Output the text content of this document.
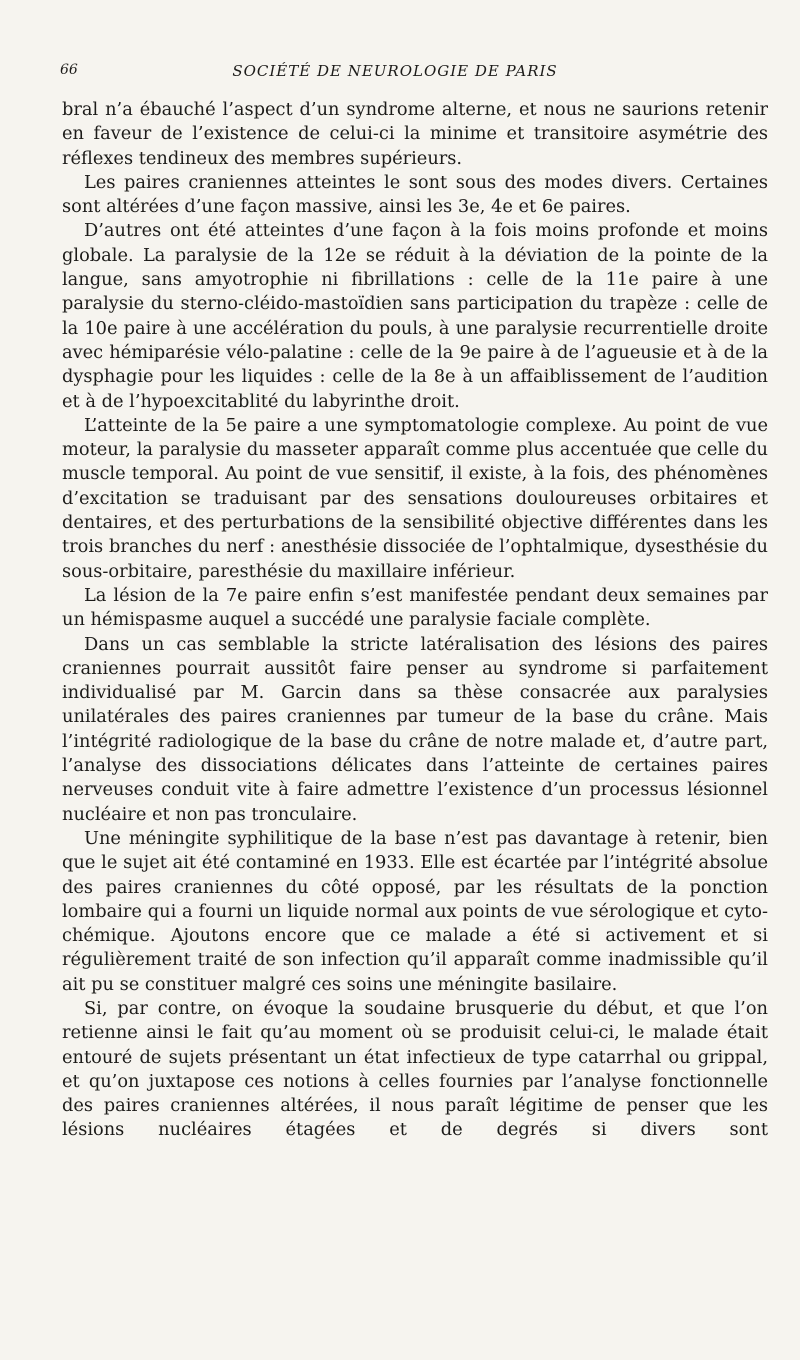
66	SOCIÉTÉ DE NEUROLOGIE DE PARIS

bral n’a ébauché l’aspect d’un syndrome alterne, et nous ne saurions retenir en faveur de l’existence de celui-ci la minime et transitoire asymétrie des réflexes tendineux des membres supérieurs.

Les paires craniennes atteintes le sont sous des modes divers. Certaines sont altérées d’une façon massive, ainsi les 3e, 4e et 6e paires.

D’autres ont été atteintes d’une façon à la fois moins profonde et moins globale. La paralysie de la 12e se réduit à la déviation de la pointe de la langue, sans amyotrophie ni fibrillations : celle de la 11e paire à une paralysie du sterno-cléido-mastoïdien sans participation du trapèze : celle de la 10e paire à une accélération du pouls, à une paralysie recurrentielle droite avec hémiparésie vélo-palatine : celle de la 9e paire à de l’agueusie et à de la dysphagie pour les liquides : celle de la 8e à un affaiblissement de l’audition et à de l’hypoexcitablité du labyrinthe droit.

L’atteinte de la 5e paire a une symptomatologie complexe. Au point de vue moteur, la paralysie du masseter apparaît comme plus accentuée que celle du muscle temporal. Au point de vue sensitif, il existe, à la fois, des phénomènes d’excitation se traduisant par des sensations douloureuses orbitaires et dentaires, et des perturbations de la sensibilité objective différentes dans les trois branches du nerf : anesthésie dissociée de l’ophtalmique, dysesthésie du sous-orbitaire, paresthésie du maxillaire inférieur.

La lésion de la 7e paire enfin s’est manifestée pendant deux semaines par un hémispasme auquel a succédé une paralysie faciale complète.

Dans un cas semblable la stricte latéralisation des lésions des paires craniennes pourrait aussitôt faire penser au syndrome si parfaitement individualisé par M. Garcin dans sa thèse consacrée aux paralysies unilatérales des paires craniennes par tumeur de la base du crâne. Mais l’intégrité radiologique de la base du crâne de notre malade et, d’autre part, l’analyse des dissociations délicates dans l’atteinte de certaines paires nerveuses conduit vite à faire admettre l’existence d’un processus lésionnel nucléaire et non pas tronculaire.

Une méningite syphilitique de la base n’est pas davantage à retenir, bien que le sujet ait été contaminé en 1933. Elle est écartée par l’intégrité absolue des paires craniennes du côté opposé, par les résultats de la ponction lombaire qui a fourni un liquide normal aux points de vue sérologique et cyto-chémique. Ajoutons encore que ce malade a été si activement et si régulièrement traité de son infection qu’il apparaît comme inadmissible qu’il ait pu se constituer malgré ces soins une méningite basilaire.

Si, par contre, on évoque la soudaine brusquerie du début, et que l’on retienne ainsi le fait qu’au moment où se produisit celui-ci, le malade était entouré de sujets présentant un état infectieux de type catarrhal ou grippal, et qu’on juxtapose ces notions à celles fournies par l’analyse fonctionnelle des paires craniennes altérées, il nous paraît légitime de penser que les lésions nucléaires étagées et de degrés si divers sont
